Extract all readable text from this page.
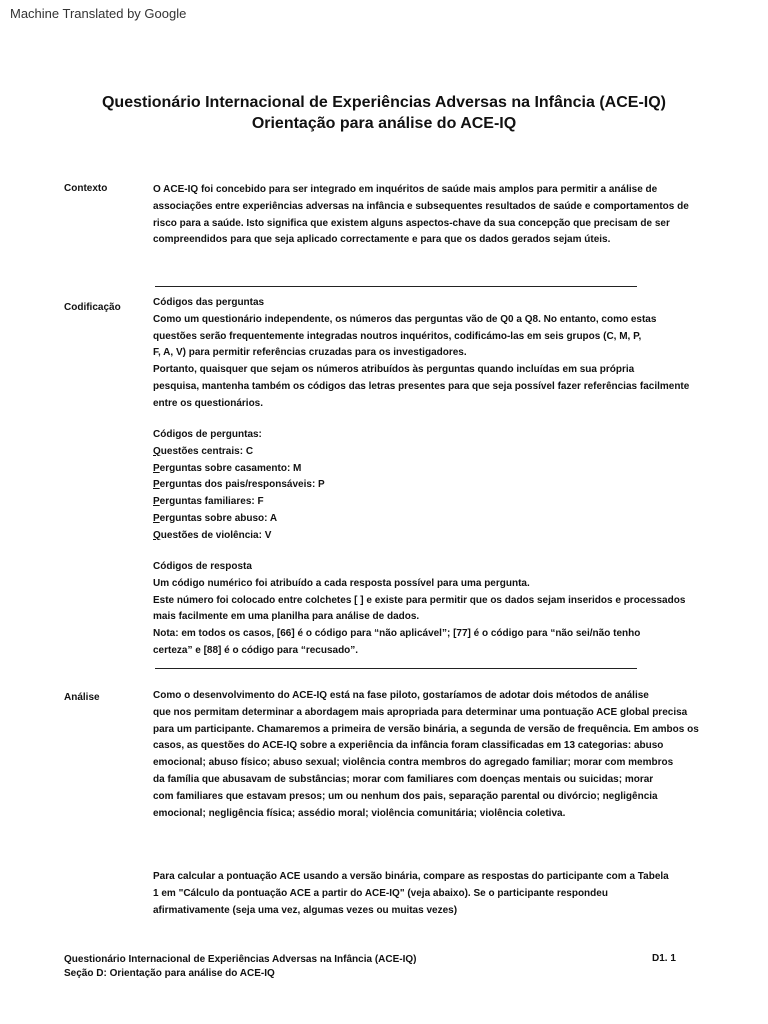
Machine Translated by Google
Questionário Internacional de Experiências Adversas na Infância (ACE-IQ)
Orientação para análise do ACE-IQ
Contexto	O ACE-IQ foi concebido para ser integrado em inquéritos de saúde mais amplos para permitir a análise de
associações entre experiências adversas na infância e subsequentes resultados de saúde e comportamentos de
risco para a saúde. Isto significa que existem alguns aspectos-chave da sua concepção que precisam de ser
compreendidos para que seja aplicado correctamente e para que os dados gerados sejam úteis.
Codificação	Códigos das perguntas
Como um questionário independente, os números das perguntas vão de Q0 a Q8. No entanto, como estas
questões serão frequentemente integradas noutros inquéritos, codificámo-las em seis grupos (C, M, P,
F, A, V) para permitir referências cruzadas para os investigadores.
Portanto, quaisquer que sejam os números atribuídos às perguntas quando incluídas em sua própria
pesquisa, mantenha também os códigos das letras presentes para que seja possível fazer referências facilmente
entre os questionários.
Códigos de perguntas:
Questões centrais: C
Perguntas sobre casamento: M
Perguntas dos pais/responsáveis: P
Perguntas familiares: F
Perguntas sobre abuso: A
Questões de violência: V
Códigos de resposta
Um código numérico foi atribuído a cada resposta possível para uma pergunta.
Este número foi colocado entre colchetes [ ] e existe para permitir que os dados sejam inseridos e processados
mais facilmente em uma planilha para análise de dados.
Nota: em todos os casos, [66] é o código para “não aplicável”; [77] é o código para “não sei/não tenho
certeza” e [88] é o código para “recusado”.
Análise	Como o desenvolvimento do ACE-IQ está na fase piloto, gostaríamos de adotar dois métodos de análise
que nos permitam determinar a abordagem mais apropriada para determinar uma pontuação ACE global precisa
para um participante. Chamaremos a primeira de versão binária, a segunda de versão de frequência. Em ambos os
casos, as questões do ACE-IQ sobre a experiência da infância foram classificadas em 13 categorias: abuso
emocional; abuso físico; abuso sexual; violência contra membros do agregado familiar; morar com membros
da família que abusavam de substâncias; morar com familiares com doenças mentais ou suicidas; morar
com familiares que estavam presos; um ou nenhum dos pais, separação parental ou divórcio; negligência
emocional; negligência física; assédio moral; violência comunitária; violência coletiva.
Para calcular a pontuação ACE usando a versão binária, compare as respostas do participante com a Tabela
1 em "Cálculo da pontuação ACE a partir do ACE-IQ" (veja abaixo). Se o participante respondeu
afirmativamente (seja uma vez, algumas vezes ou muitas vezes)
Questionário Internacional de Experiências Adversas na Infância (ACE-IQ)
Seção D: Orientação para análise do ACE-IQ
D1. 1
